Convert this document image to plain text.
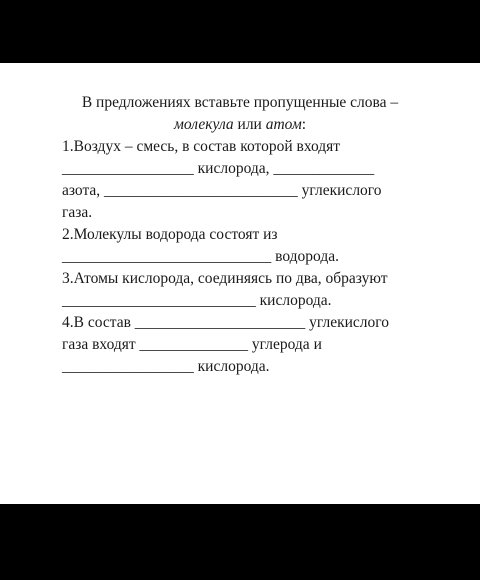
В предложениях вставьте пропущенные слова –
молекула или атом:
1.Воздух – смесь, в состав которой входят
_________________ кислорода, _____________
азота, _________________________ углекислого
газа.
2.Молекулы водорода состоят из
___________________________ водорода.
3.Атомы кислорода, соединяясь по два, образуют
_________________________ кислорода.
4.В состав ______________________ углекислого
газа входят ______________ углерода и
_________________ кислорода.
